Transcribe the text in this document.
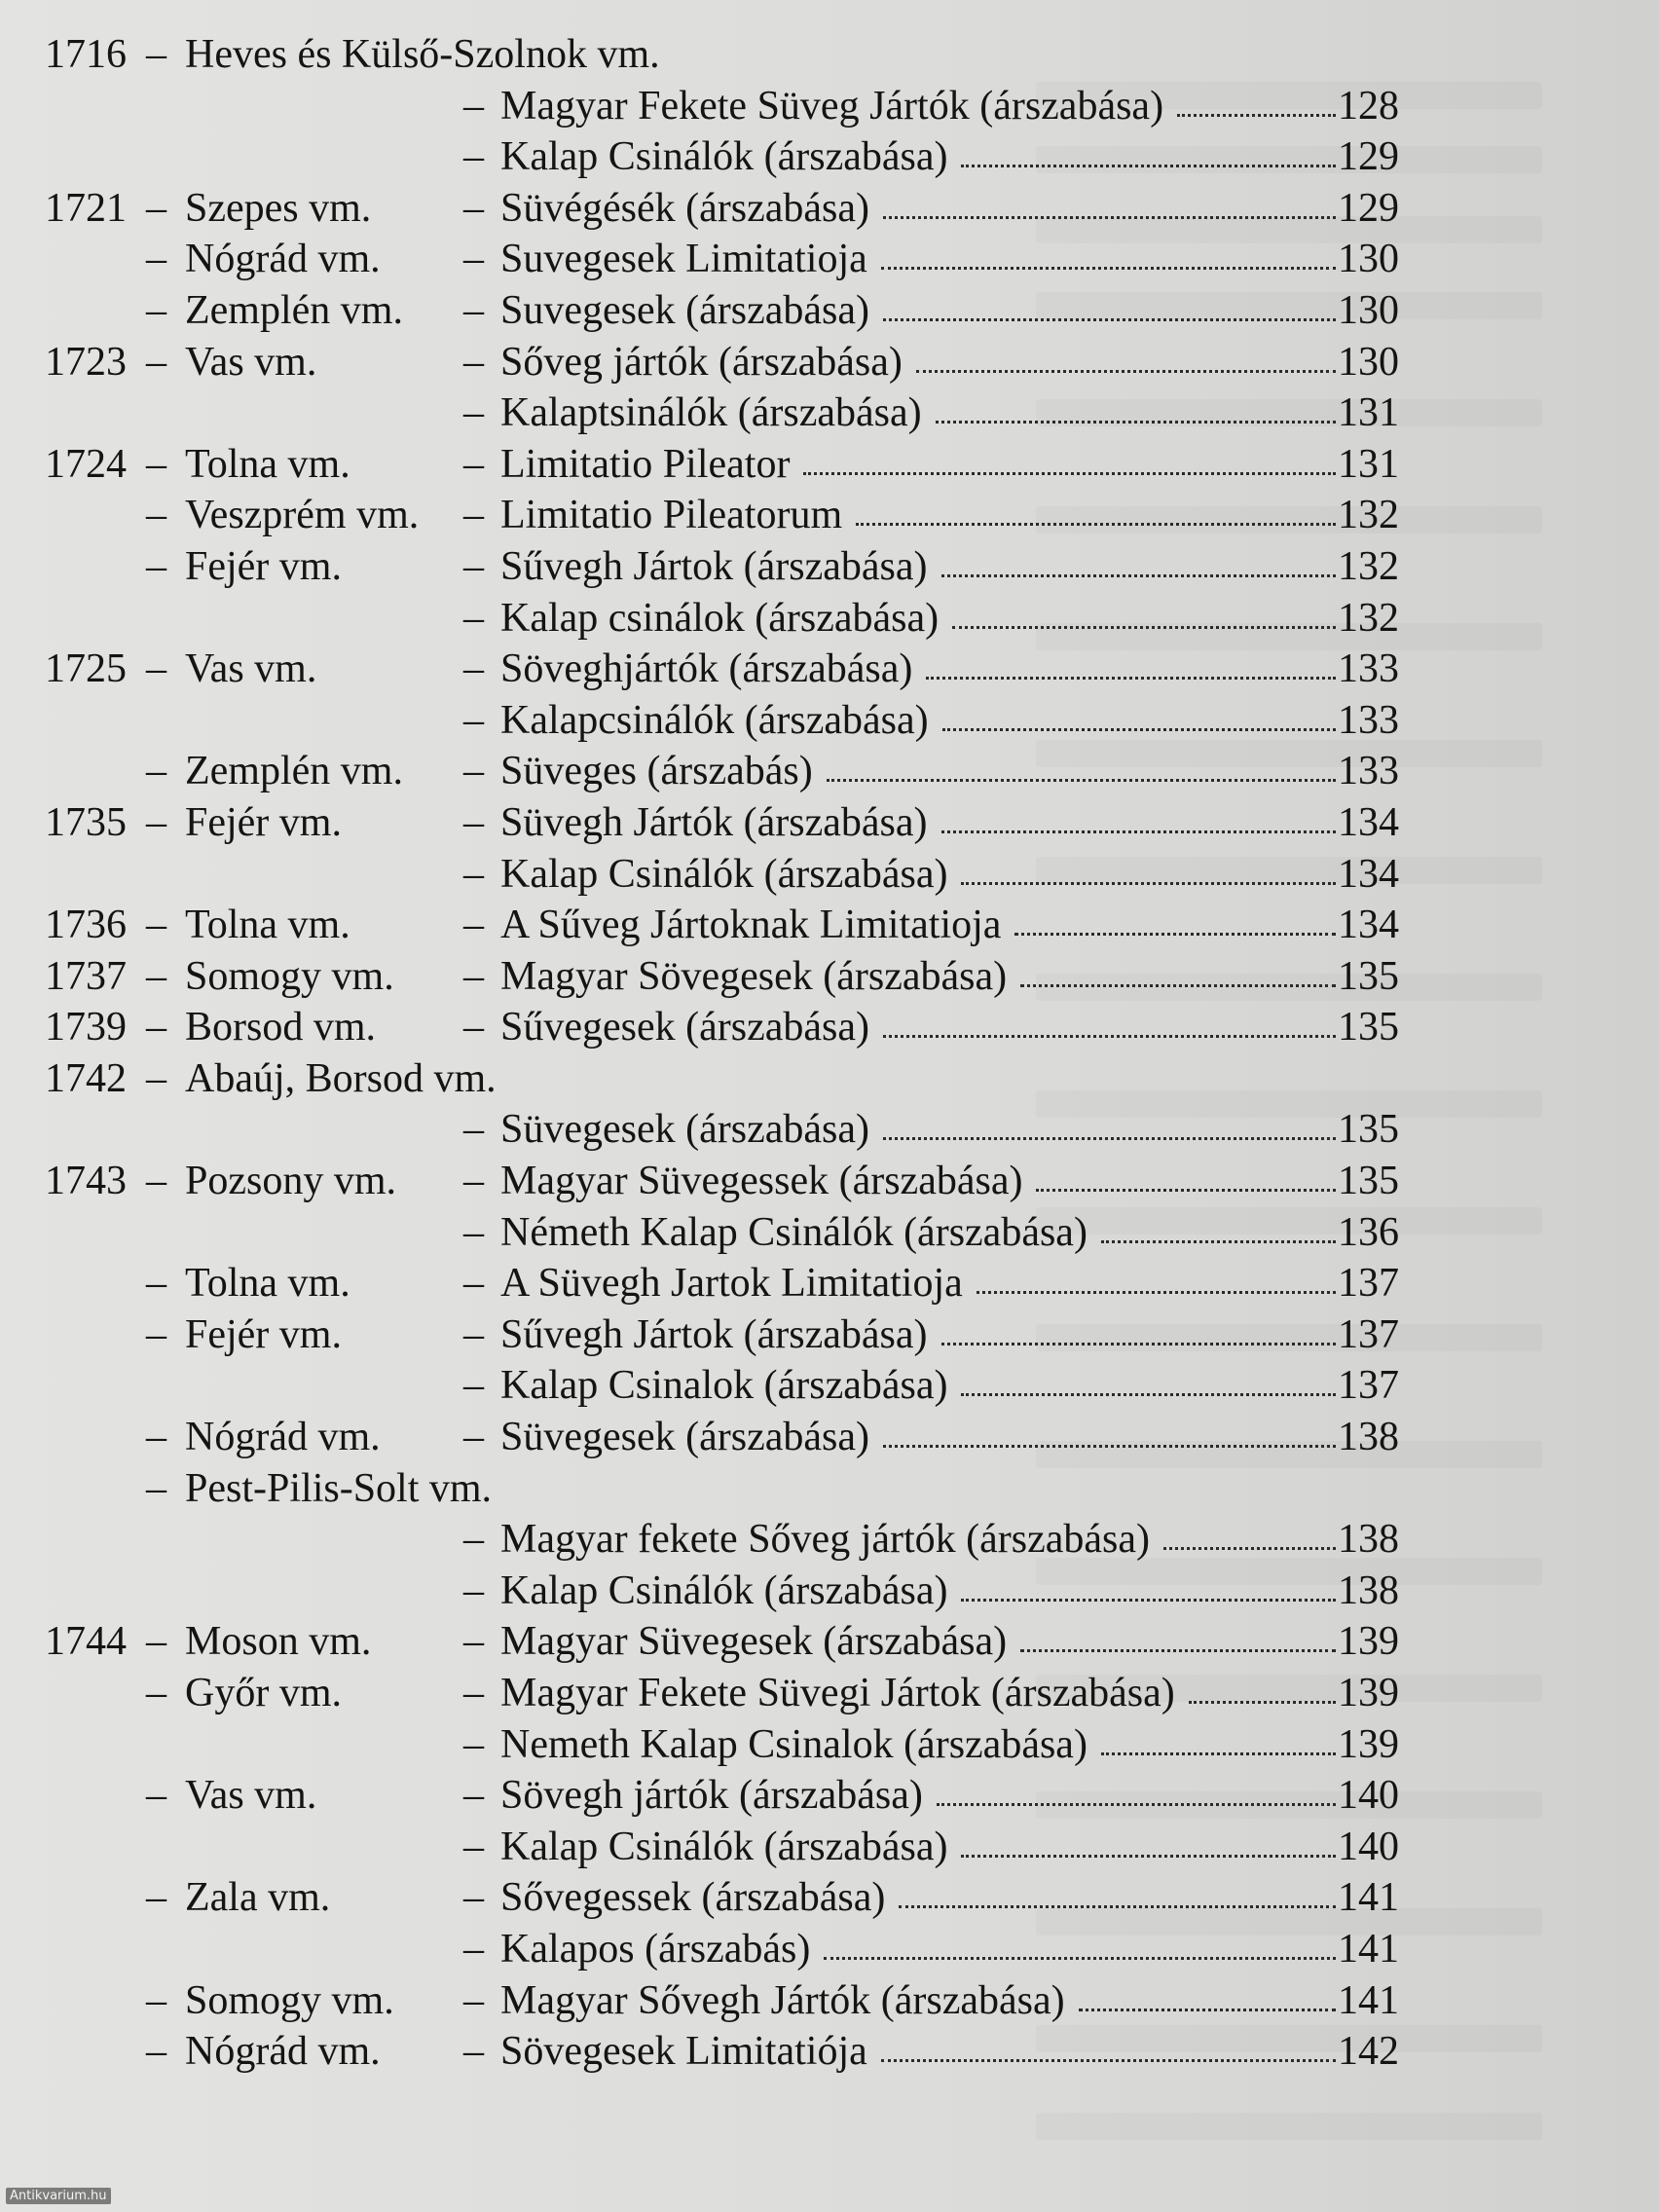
1716 – Heves és Külső-Szolnok vm.
– Magyar Fekete Süveg Jártók (árszabása)	128
– Kalap Csinálók (árszabása)	129
1721 – Szepes vm. – Süvégésék (árszabása)	129
– Nógrád vm. – Suvegesek Limitatioja	130
– Zemplén vm. – Suvegesek (árszabása)	130
1723 – Vas vm.	– Sőveg jártók (árszabása)	130
– Kalaptsinálók (árszabása)	131
1724 – Tolna vm.	– Limitatio Pileator	131
– Veszprém vm. – Limitatio Pileatorum	132
– Fejér vm.	– Sűvegh Jártok (árszabása)	132
– Kalap csinálok (árszabása)	132
1725 – Vas vm.	– Söveghjártók (árszabása)	133
– Kalapcsinálók (árszabása)	133
– Zemplén vm. – Süveges (árszabás)	133
1735 – Fejér vm.	– Süvegh Jártók (árszabása)	134
– Kalap Csinálók (árszabása)	134
1736 – Tolna vm.	– A Sűveg Jártoknak Limitatioja	134
1737 – Somogy vm. – Magyar Sövegesek (árszabása)	135
1739 – Borsod vm. – Sűvegesek (árszabása)	135
1742 – Abaúj, Borsod vm.
– Süvegesek (árszabása)	135
1743 – Pozsony vm. – Magyar Süvegessek (árszabása)	135
– Németh Kalap Csinálók (árszabása)	136
– Tolna vm.	– A Süvegh Jartok Limitatioja	137
– Fejér vm.	– Sűvegh Jártok (árszabása)	137
– Kalap Csinalok (árszabása)	137
– Nógrád vm. – Süvegesek (árszabása)	138
– Pest-Pilis-Solt vm.
– Magyar fekete Sőveg jártók (árszabása)	138
– Kalap Csinálók (árszabása)	138
1744 – Moson vm. – Magyar Süvegesek (árszabása)	139
– Győr vm.	– Magyar Fekete Süvegi Jártok (árszabása)	139
– Nemeth Kalap Csinalok (árszabása)	139
– Vas vm.	– Sövegh jártók (árszabása)	140
– Kalap Csinálók (árszabása)	140
– Zala vm.	– Sővegessek (árszabása)	141
– Kalapos (árszabás)	141
– Somogy vm. – Magyar Sővegh Jártók (árszabása)	141
– Nógrád vm. – Sövegesek Limitatiója	142
Antikvarium.hu
